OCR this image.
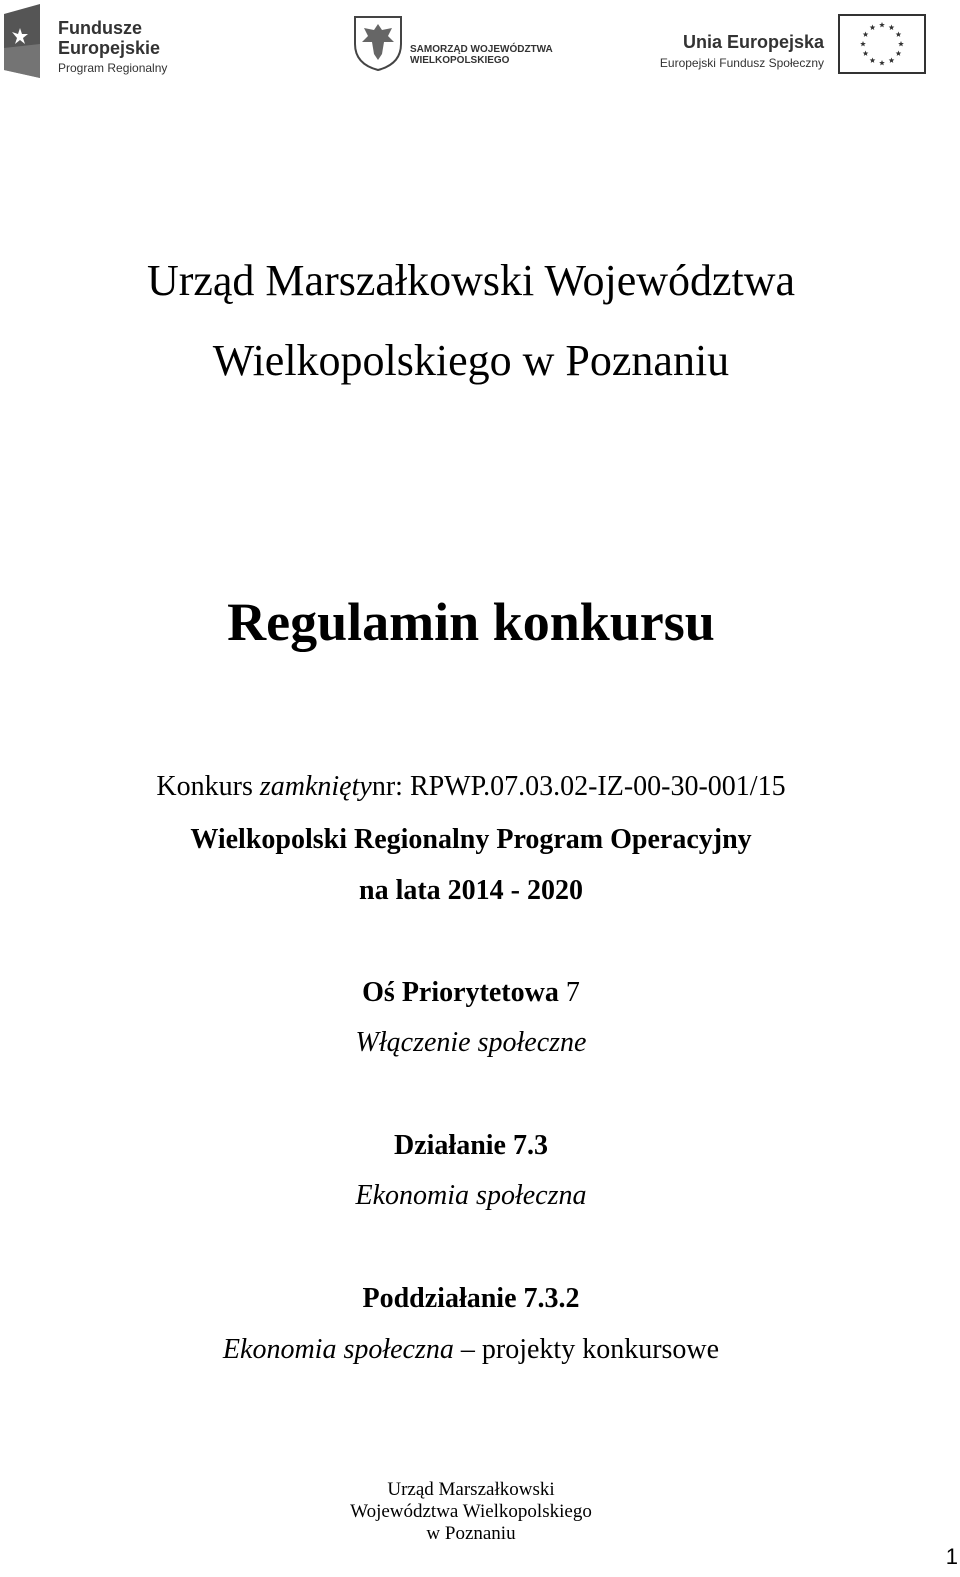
Fundusze
Europejskie
Program Regionalny
SAMORZĄD WOJEWÓDZTWA
WIELKOPOLSKIEGO
Unia Europejska
Europejski Fundusz Społeczny
Urząd Marszałkowski Województwa
Wielkopolskiego w Poznaniu
Regulamin konkursu
Konkurs zamkniętynr: RPWP.07.03.02-IZ-00-30-001/15
Wielkopolski Regionalny Program Operacyjny
na lata 2014 - 2020
Oś Priorytetowa 7
Włączenie społeczne
Działanie 7.3
Ekonomia społeczna
Poddziałanie 7.3.2
Ekonomia społeczna – projekty konkursowe
Urząd Marszałkowski
Województwa Wielkopolskiego
w Poznaniu
1
